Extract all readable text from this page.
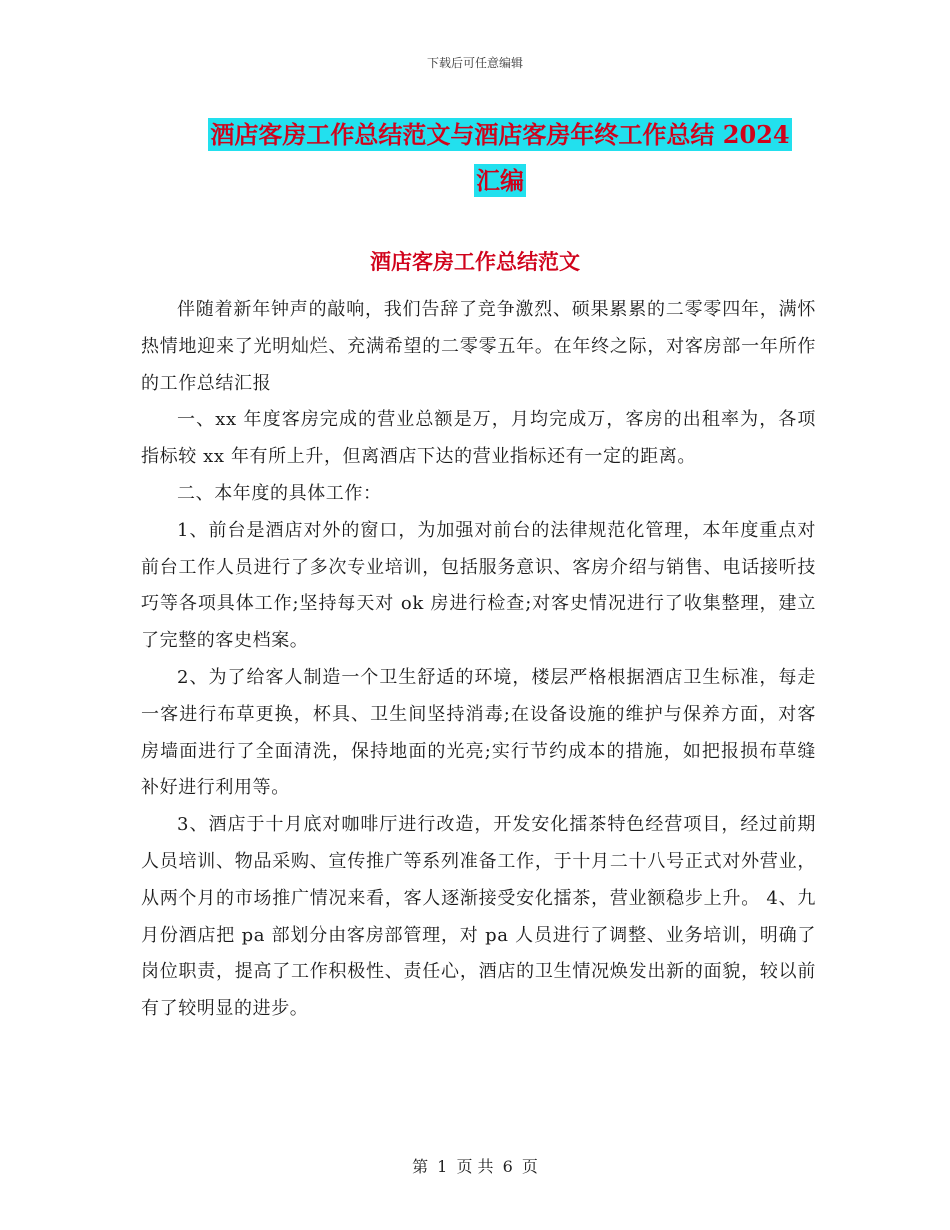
下载后可任意编辑
酒店客房工作总结范文与酒店客房年终工作总结 2024
汇编
酒店客房工作总结范文

伴随着新年钟声的敲响，我们告辞了竞争激烈、硕果累累的二零零四年，满怀热情地迎来了光明灿烂、充满希望的二零零五年。在年终之际，对客房部一年所作的工作总结汇报

一、xx 年度客房完成的营业总额是万，月均完成万，客房的出租率为，各项指标较 xx 年有所上升，但离酒店下达的营业指标还有一定的距离。

二、本年度的具体工作：

1、前台是酒店对外的窗口，为加强对前台的法律规范化管理，本年度重点对前台工作人员进行了多次专业培训，包括服务意识、客房介绍与销售、电话接听技巧等各项具体工作;坚持每天对 ok 房进行检查;对客史情况进行了收集整理，建立了完整的客史档案。

2、为了给客人制造一个卫生舒适的环境，楼层严格根据酒店卫生标准，每走一客进行布草更换，杯具、卫生间坚持消毒;在设备设施的维护与保养方面，对客房墙面进行了全面清洗，保持地面的光亮;实行节约成本的措施，如把报损布草缝补好进行利用等。

3、酒店于十月底对咖啡厅进行改造，开发安化擂茶特色经营项目，经过前期人员培训、物品采购、宣传推广等系列准备工作，于十月二十八号正式对外营业，从两个月的市场推广情况来看，客人逐渐接受安化擂茶，营业额稳步上升。 4、九月份酒店把 pa 部划分由客房部管理，对 pa 人员进行了调整、业务培训，明确了岗位职责，提高了工作积极性、责任心，酒店的卫生情况焕发出新的面貌，较以前有了较明显的进步。

第 1 页 共 6 页
